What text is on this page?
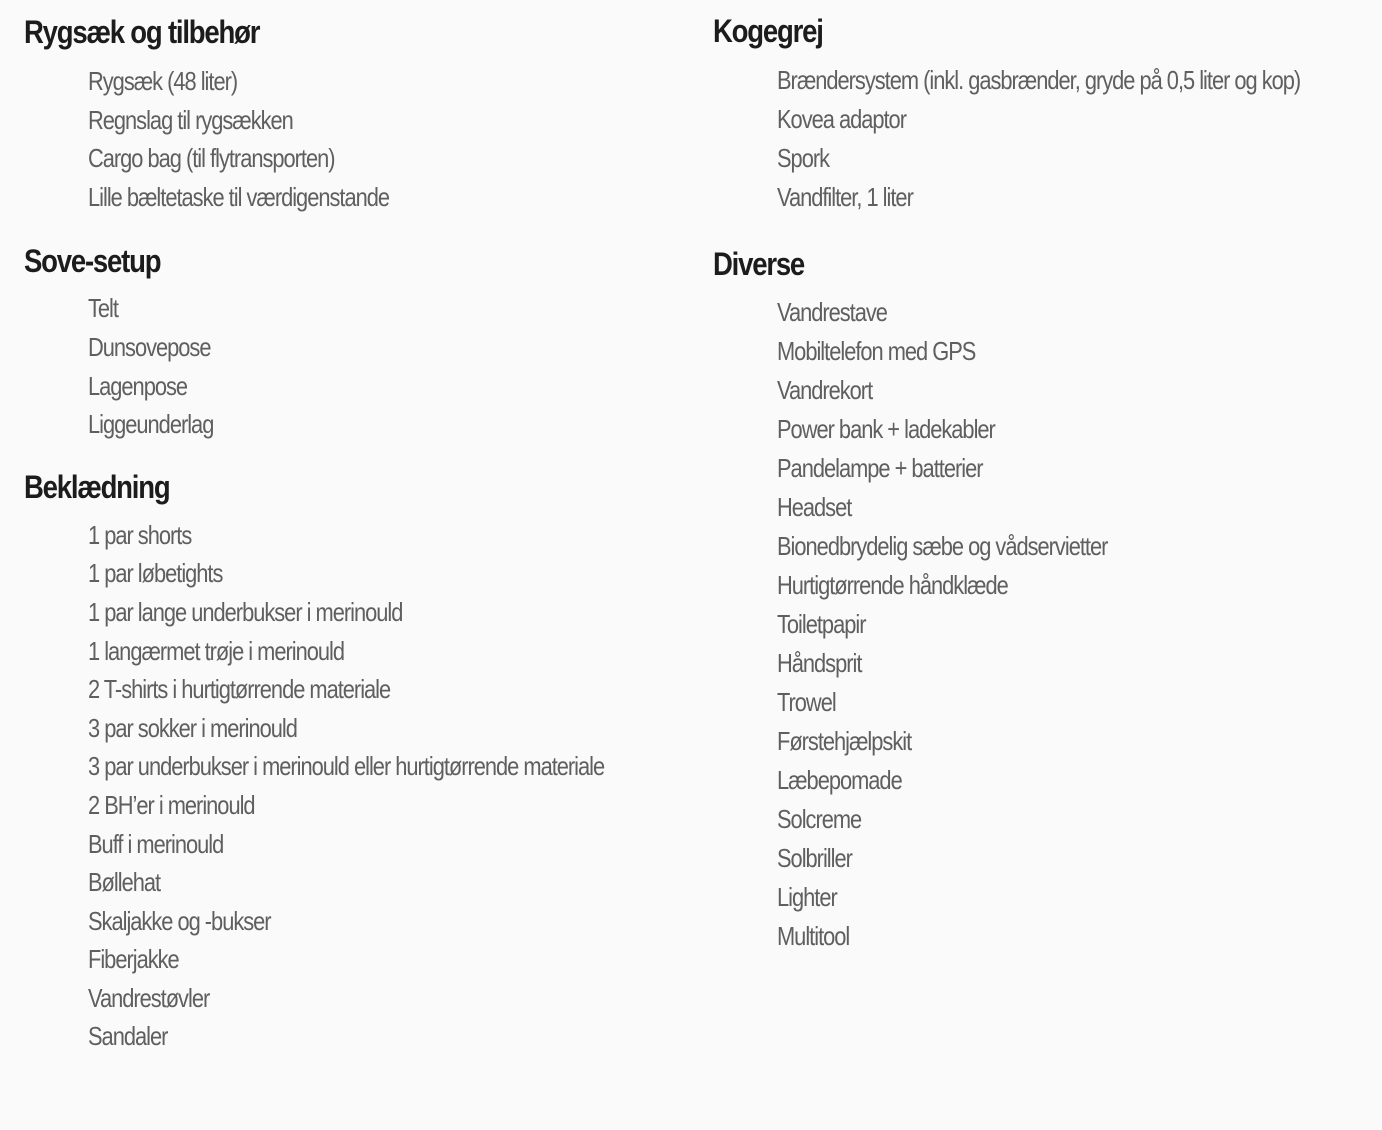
Rygsæk og tilbehør
Rygsæk (48 liter)
Regnslag til rygsækken
Cargo bag (til flytransporten)
Lille bæltetaske til værdigenstande
Sove-setup
Telt
Dunsovepose
Lagenpose
Liggeunderlag
Beklædning
1 par shorts
1 par løbetights
1 par lange underbukser i merinould
1 langærmet trøje i merinould
2 T-shirts i hurtigtørrende materiale
3 par sokker i merinould
3 par underbukser i merinould eller hurtigtørrende materiale
2 BH’er i merinould
Buff i merinould
Bøllehat
Skaljakke og -bukser
Fiberjakke
Vandrestøvler
Sandaler
Kogegrej
Brændersystem (inkl. gasbrænder, gryde på 0,5 liter og kop)
Kovea adaptor
Spork
Vandfilter, 1 liter
Diverse
Vandrestave
Mobiltelefon med GPS
Vandrekort
Power bank + ladekabler
Pandelampe + batterier
Headset
Bionedbrydelig sæbe og vådservietter
Hurtigtørrende håndklæde
Toiletpapir
Håndsprit
Trowel
Førstehjælpskit
Læbepomade
Solcreme
Solbriller
Lighter
Multitool
